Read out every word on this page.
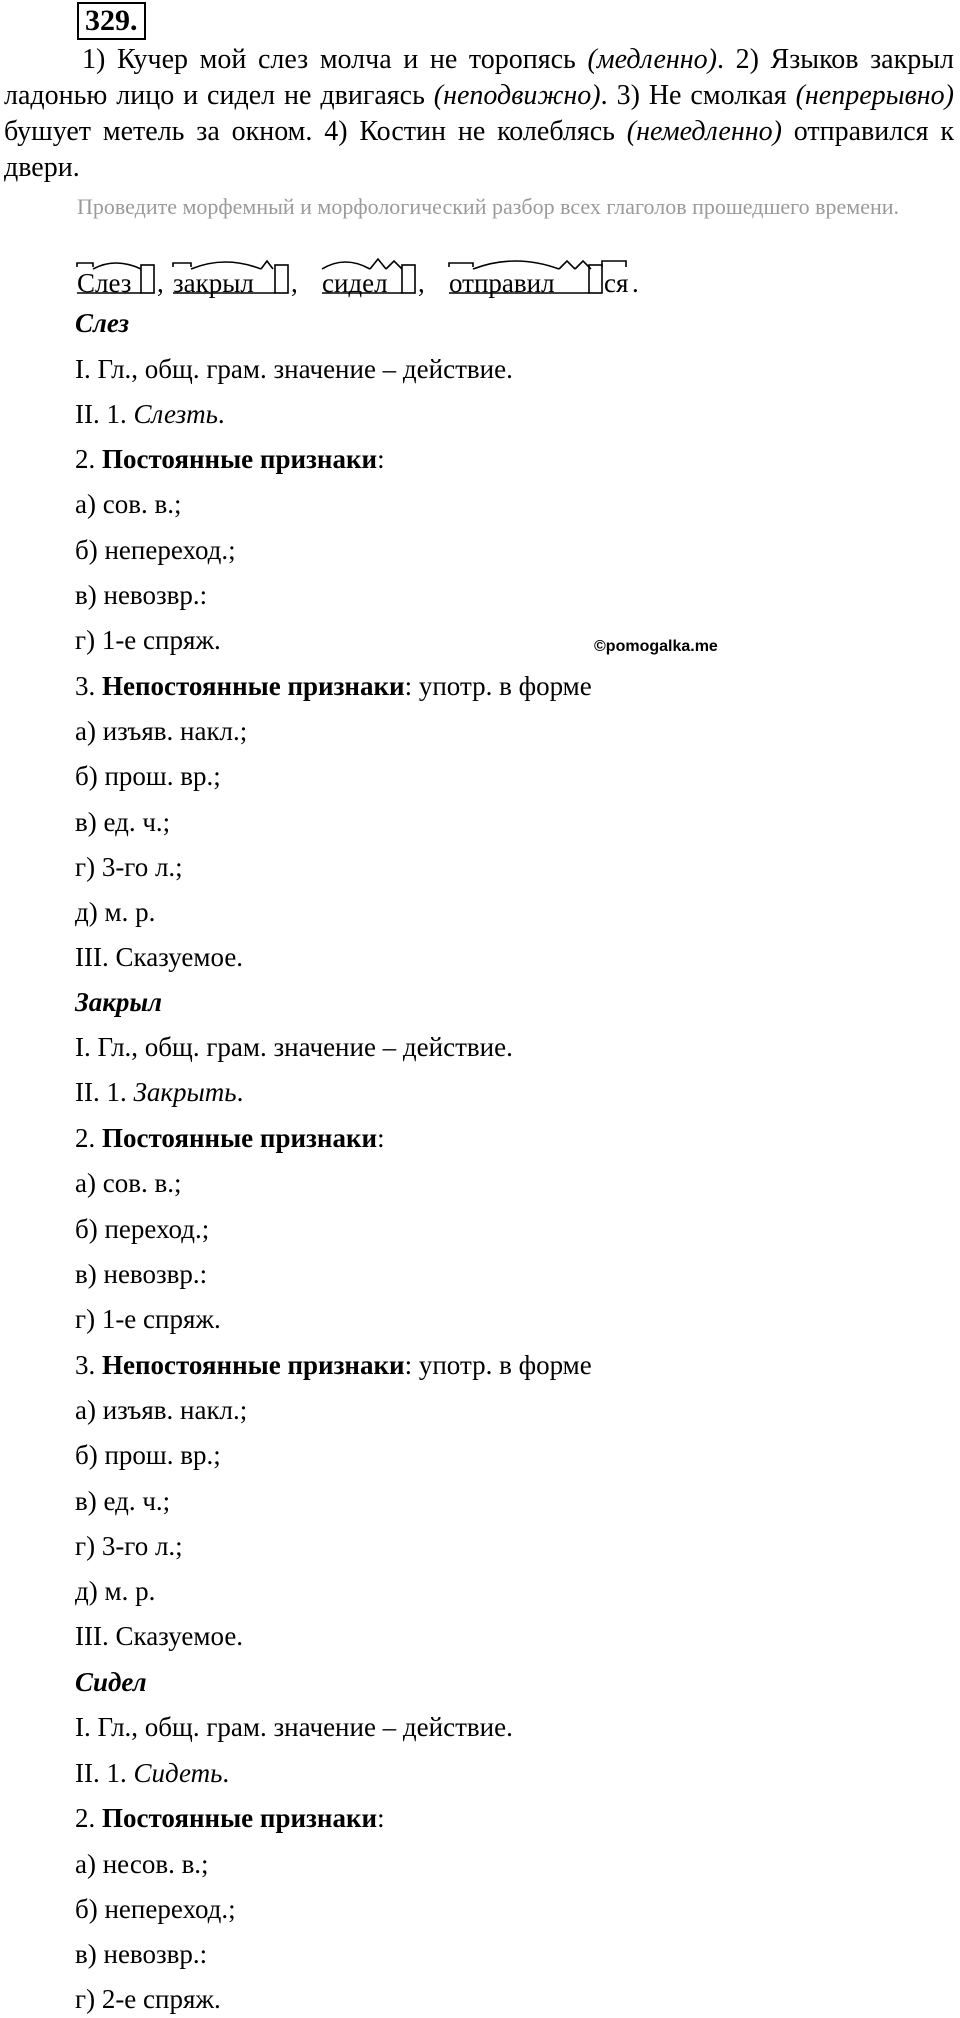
329.
1) Кучер мой слез молча и не торопясь (медленно). 2) Языков закрыл ладонью лицо и сидел не двигаясь (неподвижно). 3) Не смолкая (непрерывно) бушует метель за окном. 4) Костин не колеблясь (немедленно) отправился к двери.
Проведите морфемный и морфологический разбор всех глаголов прошедшего времени.
Слез , закрыл , сидел , отправил ся .
©pomogalka.me
Слез
I. Гл., общ. грам. значение – действие.
II. 1. Слезть.
2. Постоянные признаки:
а) сов. в.;
б) непереход.;
в) невозвр.:
г) 1-е спряж.
3. Непостоянные признаки: употр. в форме
а) изъяв. накл.;
б) прош. вр.;
в) ед. ч.;
г) 3-го л.;
д) м. р.
III. Сказуемое.
Закрыл
I. Гл., общ. грам. значение – действие.
II. 1. Закрыть.
2. Постоянные признаки:
а) сов. в.;
б) переход.;
в) невозвр.:
г) 1-е спряж.
3. Непостоянные признаки: употр. в форме
а) изъяв. накл.;
б) прош. вр.;
в) ед. ч.;
г) 3-го л.;
д) м. р.
III. Сказуемое.
Сидел
I. Гл., общ. грам. значение – действие.
II. 1. Сидеть.
2. Постоянные признаки:
а) несов. в.;
б) непереход.;
в) невозвр.:
г) 2-е спряж.
